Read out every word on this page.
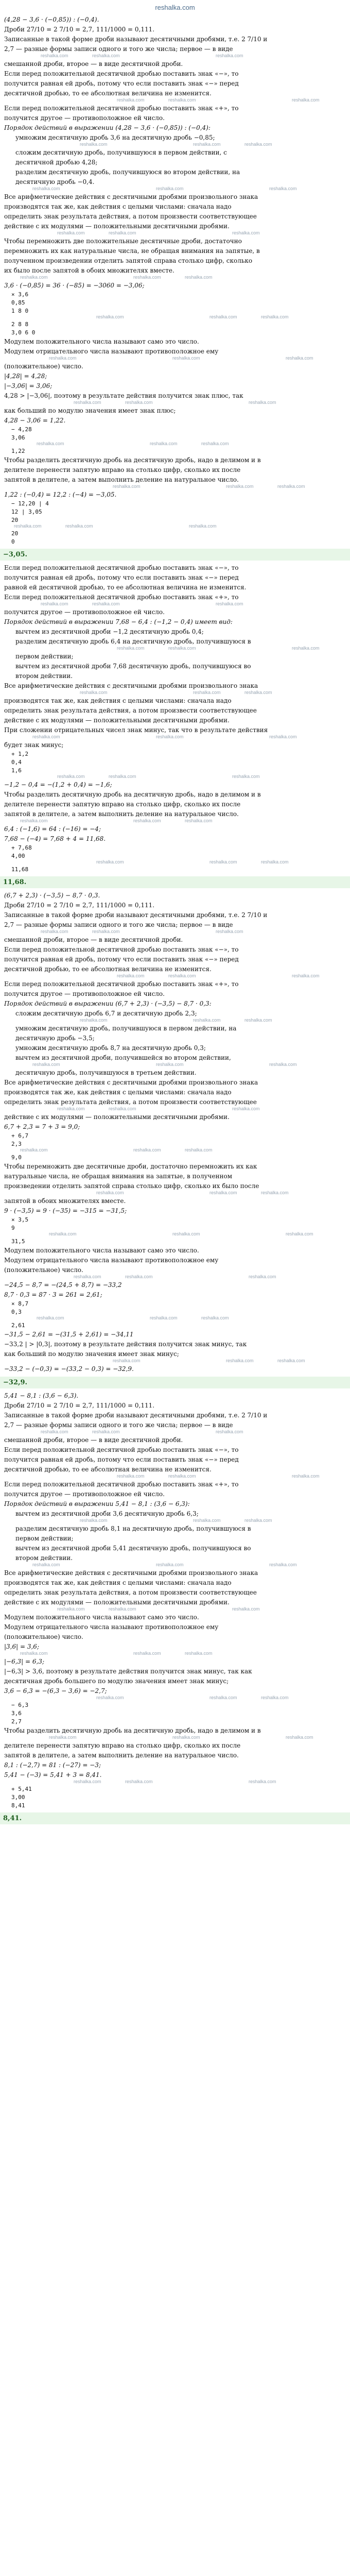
reshalka.com
(4,28 − 3,6 · (−0,85)) : (−0,4).
Дроби 27/10 = 2 7/10 = 2,7, 111/1000 = 0,111.
Записанные в такой форме дроби называют десятичными дробями, т.е. 2 7/10 и
2,7 — разные формы записи одного и того же числа; первое — в виде
reshalka.com	reshalka.com
reshalka.com
смешанной дроби, второе — в виде десятичной дроби.
Если перед положительной десятичной дробью поставить знак «−», то
получится равная ей дробь, потому что если поставить знак «−» перед
десятичной дробью, то ее абсолютная величина не изменится.
reshalka.com	reshalka.com
reshalka.com
Если перед положительной десятичной дробью поставить знак «+», то
получится другое — противоположное ей число.
Порядок действий в выражении (4,28 − 3,6 · (−0,85)) : (−0,4):
умножим десятичную дробь 3,6 на десятичную дробь −0,85;
reshalka.com
reshalka.com	reshalka.com
сложим десятичную дробь, получившуюся в первом действии, с
десятичной дробью 4,28;
разделим десятичную дробь, получившуюся во втором действии, на
десятичную дробь −0,4.
reshalka.com	reshalka.com	reshalka.com
Все арифметические действия с десятичными дробями произвольного знака
производятся так же, как действия с целыми числами: сначала надо
определить знак результата действия, а потом произвести соответствующее
действие с их модулями — положительными десятичными дробями.
reshalka.com	reshalka.com
reshalka.com
Чтобы перемножить две положительные десятичные дроби, достаточно
перемножить их как натуральные числа, не обращая внимания на запятые, в
полученном произведении отделить запятой справа столько цифр, сколько
их было после запятой в обоих множителях вместе.
reshalka.com
reshalka.com	reshalka.com
3,6 · (−0,85) = 36 · (−85) = −3060 = −3,06;
× 3,6
0,85
1 8 0
reshalka.com
reshalka.com	reshalka.com
2 8 8
3,0 6 0
Модулем положительного числа называют само это число.
Модулем отрицательного числа называют противоположное ему
reshalka.com	reshalka.com	reshalka.com
(положительное) число.
|4,28| = 4,28;
|−3,06| = 3,06;
4,28 > |−3,06|, поэтому в результате действия получится знак плюс, так
reshalka.com	reshalka.com
reshalka.com
как больший по модулю значения имеет знак плюс;
4,28 − 3,06 = 1,22.
− 4,28
3,06
reshalka.com
reshalka.com	reshalka.com
1,22
Чтобы разделить десятичную дробь на десятичную дробь, надо в делимом и в
делителе перенести запятую вправо на столько цифр, сколько их после
запятой в делителе, а затем выполнить деление на натуральное число.
reshalka.com
reshalka.com	reshalka.com
1,22 : (−0,4) = 12,2 : (−4) = −3,05.
− 12,20 | 4
12 | 3,05
20
reshalka.com	reshalka.com
reshalka.com
20
0
−3,05.
Если перед положительной десятичной дробью поставить знак «−», то
получится равная ей дробь, потому что если поставить знак «−» перед
равной ей десятичной дробью, то ее абсолютная величина не изменится.
Если перед положительной десятичной дробью поставить знак «+», то
reshalka.com	reshalka.com
reshalka.com
получится другое — противоположное ей число.
Порядок действий в выражении 7,68 − 6,4 : (−1,2 − 0,4) имеет вид:
вычтем из десятичной дроби −1,2 десятичную дробь 0,4;
разделим десятичную дробь 6,4 на десятичную дробь, получившуюся в
reshalka.com	reshalka.com
reshalka.com
первом действии;
вычтем из десятичной дроби 7,68 десятичную дробь, получившуюся во
втором действии.
Все арифметические действия с десятичными дробями произвольного знака
reshalka.com
reshalka.com	reshalka.com
производятся так же, как действия с целыми числами: сначала надо
определить знак результата действия, а потом произвести соответствующее
действие с их модулями — положительными десятичными дробями.
При сложении отрицательных чисел знак минус, так что в результате действия
reshalka.com	reshalka.com	reshalka.com
будет знак минус;
+ 1,2
0,4
1,6
reshalka.com	reshalka.com
reshalka.com
−1,2 − 0,4 = −(1,2 + 0,4) = −1,6;
Чтобы разделить десятичную дробь на десятичную дробь, надо в делимом и в
делителе перенести запятую вправо на столько цифр, сколько их после
запятой в делителе, а затем выполнить деление на натуральное число.
reshalka.com
reshalka.com	reshalka.com
6,4 : (−1,6) = 64 : (−16) = −4;
7,68 − (−4) = 7,68 + 4 = 11,68.
+ 7,68
4,00
reshalka.com
reshalka.com	reshalka.com
11,68
11,68.
(6,7 + 2,3) · (−3,5) − 8,7 · 0,3.
Дроби 27/10 = 2 7/10 = 2,7, 111/1000 = 0,111.
Записанные в такой форме дроби называют десятичными дробями, т.е. 2 7/10 и
2,7 — разные формы записи одного и того же числа; первое — в виде
reshalka.com	reshalka.com
reshalka.com
смешанной дроби, второе — в виде десятичной дроби.
Если перед положительной десятичной дробью поставить знак «−», то
получится равная ей дробь, потому что если поставить знак «−» перед
десятичной дробью, то ее абсолютная величина не изменится.
reshalka.com	reshalka.com
reshalka.com
Если перед положительной десятичной дробью поставить знак «+», то
получится другое — противоположное ей число.
Порядок действий в выражении (6,7 + 2,3) · (−3,5) − 8,7 · 0,3:
сложим десятичную дробь 6,7 и десятичную дробь 2,3;
reshalka.com
reshalka.com	reshalka.com
умножим десятичную дробь, получившуюся в первом действии, на
десятичную дробь −3,5;
умножим десятичную дробь 8,7 на десятичную дробь 0,3;
вычтем из десятичной дроби, получившейся во втором действии,
reshalka.com	reshalka.com	reshalka.com
десятичную дробь, получившуюся в третьем действии.
Все арифметические действия с десятичными дробями произвольного знака
производятся так же, как действия с целыми числами: сначала надо
определить знак результата действия, а потом произвести соответствующее
reshalka.com	reshalka.com
reshalka.com
действие с их модулями — положительными десятичными дробями.
6,7 + 2,3 = 7 + 3 = 9,0;
+ 6,7
2,3
reshalka.com
reshalka.com	reshalka.com
9,0
Чтобы перемножить две десятичные дроби, достаточно перемножить их как
натуральные числа, не обращая внимания на запятые, в полученном
произведении отделить запятой справа столько цифр, сколько их было после
reshalka.com
reshalka.com	reshalka.com
запятой в обоих множителях вместе.
9 · (−3,5) = 9 · (−35) = −315 = −31,5;
× 3,5
9
reshalka.com	reshalka.com	reshalka.com
31,5
Модулем положительного числа называют само это число.
Модулем отрицательного числа называют противоположное ему
(положительное) число.
reshalka.com	reshalka.com
reshalka.com
−24,5 − 8,7 = −(24,5 + 8,7) = −33,2
8,7 · 0,3 = 87 · 3 = 261 = 2,61;
× 8,7
0,3
reshalka.com
reshalka.com	reshalka.com
2,61
−31,5 − 2,61 = −(31,5 + 2,61) = −34,11
−33,2 | > |0,3|, поэтому в результате действия получится знак минус, так
как больший по модулю значения имеет знак минус;
reshalka.com
reshalka.com	reshalka.com
−33,2 − (−0,3) = −(33,2 − 0,3) = −32,9.
−32,9.
5,41 − 8,1 : (3,6 − 6,3).
Дроби 27/10 = 2 7/10 = 2,7, 111/1000 = 0,111.
Записанные в такой форме дроби называют десятичными дробями, т.е. 2 7/10 и
2,7 — разные формы записи одного и того же числа; первое — в виде
reshalka.com	reshalka.com
reshalka.com
смешанной дроби, второе — в виде десятичной дроби.
Если перед положительной десятичной дробью поставить знак «−», то
получится равная ей дробь, потому что если поставить знак «−» перед
десятичной дробью, то ее абсолютная величина не изменится.
reshalka.com	reshalka.com
reshalka.com
Если перед положительной десятичной дробью поставить знак «+», то
получится другое — противоположное ей число.
Порядок действий в выражении 5,41 − 8,1 : (3,6 − 6,3):
вычтем из десятичной дроби 3,6 десятичную дробь 6,3;
reshalka.com
reshalka.com	reshalka.com
разделим десятичную дробь 8,1 на десятичную дробь, получившуюся в
первом действии;
вычтем из десятичной дроби 5,41 десятичную дробь, получившуюся во
втором действии.
reshalka.com	reshalka.com	reshalka.com
Все арифметические действия с десятичными дробями произвольного знака
производятся так же, как действия с целыми числами: сначала надо
определить знак результата действия, а потом произвести соответствующее
действие с их модулями — положительными десятичными дробями.
reshalka.com	reshalka.com
reshalka.com
Модулем положительного числа называют само это число.
Модулем отрицательного числа называют противоположное ему
(положительное) число.
|3,6| = 3,6;
reshalka.com
reshalka.com	reshalka.com
|−6,3| = 6,3;
|−6,3| > 3,6, поэтому в результате действия получится знак минус, так как
десятичная дробь большего по модулю значения имеет знак минус;
3,6 − 6,3 = −(6,3 − 3,6) = −2,7;
reshalka.com
reshalka.com	reshalka.com
− 6,3
3,6
2,7
Чтобы разделить десятичную дробь на десятичную дробь, надо в делимом и в
reshalka.com	reshalka.com	reshalka.com
делителе перенести запятую вправо на столько цифр, сколько их после
запятой в делителе, а затем выполнить деление на натуральное число.
8,1 : (−2,7) = 81 : (−27) = −3;
5,41 − (−3) = 5,41 + 3 = 8,41.
reshalka.com	reshalka.com
reshalka.com
+ 5,41
3,00
8,41
8,41.
